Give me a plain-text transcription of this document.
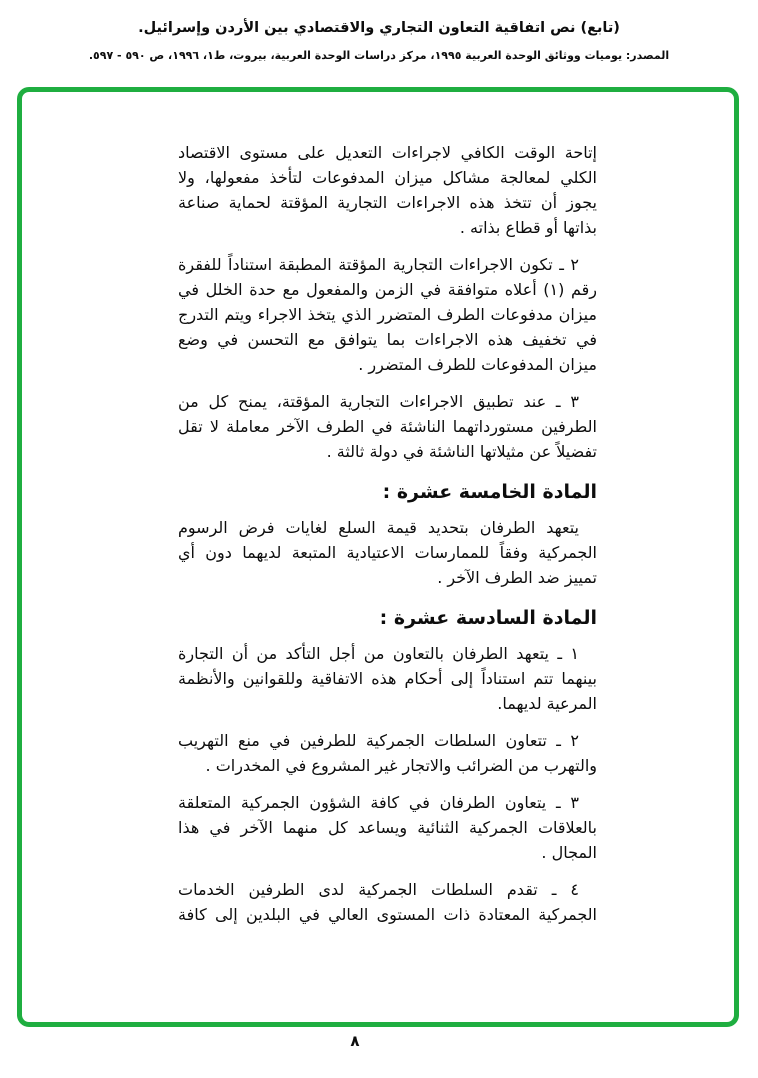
(تابع) نص اتفاقية التعاون التجاري والاقتصادي بين الأردن وإسرائيل.
المصدر: يوميات ووثائق الوحدة العربية ١٩٩٥، مركز دراسات الوحدة العربية، بيروت، ط١، ١٩٩٦، ص ٥٩٠ - ٥٩٧.

إتاحة الوقت الكافي لاجراءات التعديل على مستوى الاقتصاد الكلي لمعالجة مشاكل ميزان المدفوعات لتأخذ مفعولها، ولا يجوز أن تتخذ هذه الاجراءات التجارية المؤقتة لحماية صناعة بذاتها أو قطاع بذاته .

٢ ـ تكون الاجراءات التجارية المؤقتة المطبقة استناداً للفقرة رقم (١) أعلاه متوافقة في الزمن والمفعول مع حدة الخلل في ميزان مدفوعات الطرف المتضرر الذي يتخذ الاجراء ويتم التدرج في تخفيف هذه الاجراءات بما يتوافق مع التحسن في وضع ميزان المدفوعات للطرف المتضرر .

٣ ـ عند تطبيق الاجراءات التجارية المؤقتة، يمنح كل من الطرفين مستورداتهما الناشئة في الطرف الآخر معاملة لا تقل تفضيلاً عن مثيلاتها الناشئة في دولة ثالثة .

المادة الخامسة عشرة :

يتعهد الطرفان بتحديد قيمة السلع لغايات فرض الرسوم الجمركية وفقاً للممارسات الاعتيادية المتبعة لديهما دون أي تمييز ضد الطرف الآخر .

المادة السادسة عشرة :

١ ـ يتعهد الطرفان بالتعاون من أجل التأكد من أن التجارة بينهما تتم استناداً إلى أحكام هذه الاتفاقية وللقوانين والأنظمة المرعية لديهما.

٢ ـ تتعاون السلطات الجمركية للطرفين في منع التهريب والتهرب من الضرائب والاتجار غير المشروع في المخدرات .

٣ ـ يتعاون الطرفان في كافة الشؤون الجمركية المتعلقة بالعلاقات الجمركية الثنائية ويساعد كل منهما الآخر في هذا المجال .

٤ ـ تقدم السلطات الجمركية لدى الطرفين الخدمات الجمركية المعتادة ذات المستوى العالي في البلدين إلى كافة

٨
